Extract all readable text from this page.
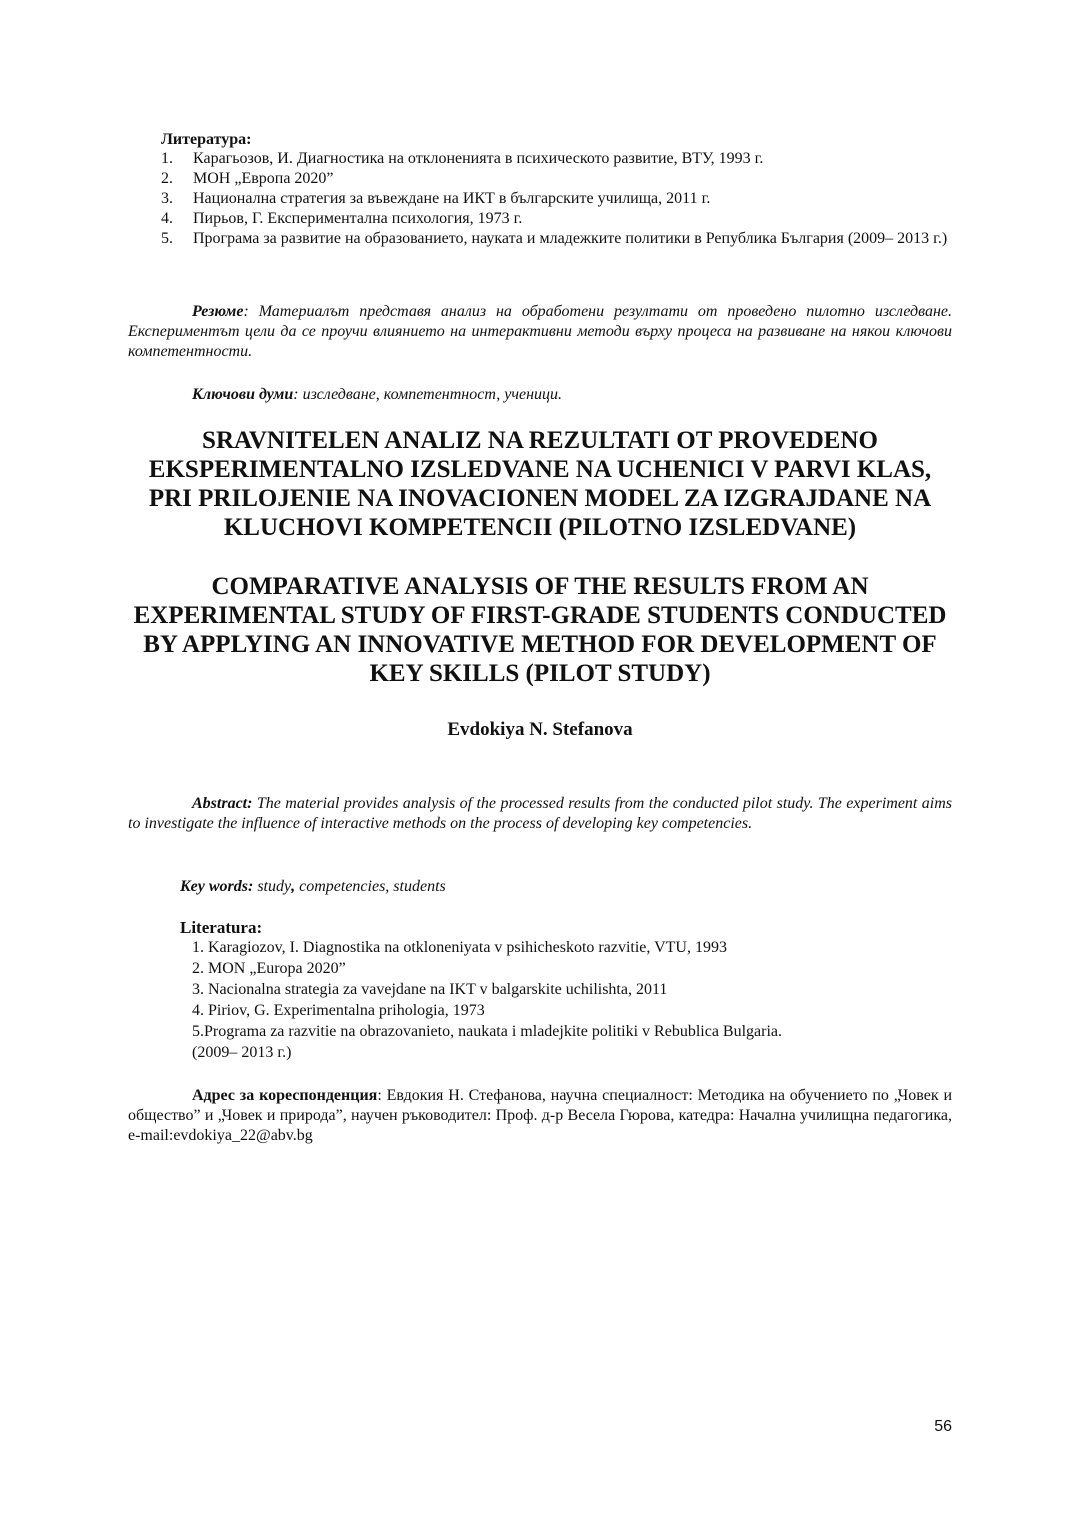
Литература:
1.	Карагьозов, И. Диагностика на отклоненията в психическото развитие, ВТУ, 1993 г.
2.	МОН „Европа 2020”
3.	Национална стратегия за въвеждане на ИКТ в българските училища, 2011 г.
4.	Пирьов, Г. Експериментална психология, 1973 г.
5.	Програма за развитие на образованието, науката и младежките политики в Република България (2009– 2013 г.)
Резюме: Материалът представя анализ на обработени резултати от проведено пилотно изследване. Експериментът цели да се проучи влиянието на интерактивни методи върху процеса на развиване на някои ключови компетентности.
Ключови думи: изследване, компетентност, ученици.
SRAVNITELEN ANALIZ NA REZULTATI OT PROVEDENO EKSPERIMENTALNO IZSLEDVANE NA UCHENICI V PARVI KLAS, PRI PRILOJENIE NA INOVACIONEN MODEL ZA IZGRAJDANE NA KLUCHOVI KOMPETENCII (PILOTNO IZSLEDVANE)
COMPARATIVE ANALYSIS OF THE RESULTS FROM AN EXPERIMENTAL STUDY OF FIRST-GRADE STUDENTS CONDUCTED BY APPLYING AN INNOVATIVE METHOD FOR DEVELOPMENT OF KEY SKILLS (PILOT STUDY)
Evdokiya N. Stefanova
Abstract: The material provides analysis of the processed results from the conducted pilot study. The experiment aims to investigate the influence of interactive methods on the process of developing key competencies.
Key words: study, competencies, students
Literatura:
1. Karagiozov, I. Diagnostika na otkloneniyata v psihicheskoto razvitie, VTU, 1993
2. MON „Europa 2020”
3. Nacionalna strategia za vavejdane na IKT v balgarskite uchilishta, 2011
4. Piriov, G. Experimentalna prihologia, 1973
5.Programa za razvitie na obrazovanieto, naukata i mladejkite politiki v Rebublica Bulgaria.
(2009– 2013 г.)
Адрес за кореспонденция: Евдокия Н. Стефанова, научна специалност: Методика на обучението по „Човек и общество” и „Човек и природа”, научен ръководител: Проф. д-р Весела Гюрова, катедра: Начална училищна педагогика, e-mail:evdokiya_22@abv.bg
56
